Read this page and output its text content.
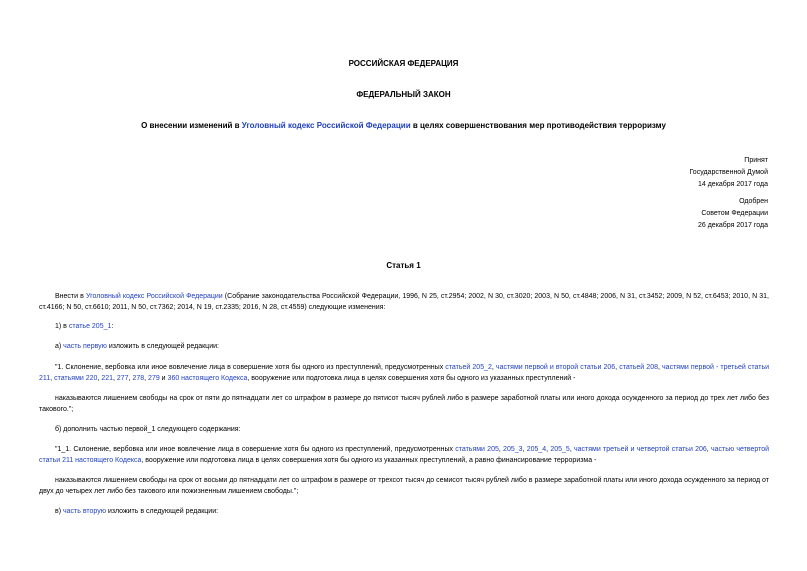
РОССИЙСКАЯ ФЕДЕРАЦИЯ
ФЕДЕРАЛЬНЫЙ ЗАКОН
О внесении изменений в Уголовный кодекс Российской Федерации в целях совершенствования мер противодействия терроризму
Принят
Государственной Думой
14 декабря 2017 года
Одобрен
Советом Федерации
26 декабря 2017 года
Статья 1
Внести в Уголовный кодекс Российской Федерации (Собрание законодательства Российской Федерации, 1996, N 25, ст.2954; 2002, N 30, ст.3020; 2003, N 50, ст.4848; 2006, N 31, ст.3452; 2009, N 52, ст.6453; 2010, N 31, ст.4166; N 50, ст.6610; 2011, N 50, ст.7362; 2014, N 19, ст.2335; 2016, N 28, ст.4559) следующие изменения:
1) в статье 205_1:
а) часть первую изложить в следующей редакции:
"1. Склонение, вербовка или иное вовлечение лица в совершение хотя бы одного из преступлений, предусмотренных статьей 205_2, частями первой и второй статьи 206, статьей 208, частями первой - третьей статьи 211, статьями 220, 221, 277, 278, 279 и 360 настоящего Кодекса, вооружение или подготовка лица в целях совершения хотя бы одного из указанных преступлений -
наказываются лишением свободы на срок от пяти до пятнадцати лет со штрафом в размере до пятисот тысяч рублей либо в размере заработной платы или иного дохода осужденного за период до трех лет либо без такового.";
б) дополнить частью первой_1 следующего содержания:
"1_1. Склонение, вербовка или иное вовлечение лица в совершение хотя бы одного из преступлений, предусмотренных статьями 205, 205_3, 205_4, 205_5, частями третьей и четвертой статьи 206, частью четвертой статьи 211 настоящего Кодекса, вооружение или подготовка лица в целях совершения хотя бы одного из указанных преступлений, а равно финансирование терроризма -
наказываются лишением свободы на срок от восьми до пятнадцати лет со штрафом в размере от трехсот тысяч до семисот тысяч рублей либо в размере заработной платы или иного дохода осужденного за период от двух до четырех лет либо без такового или пожизненным лишением свободы.";
в) часть вторую изложить в следующей редакции:
